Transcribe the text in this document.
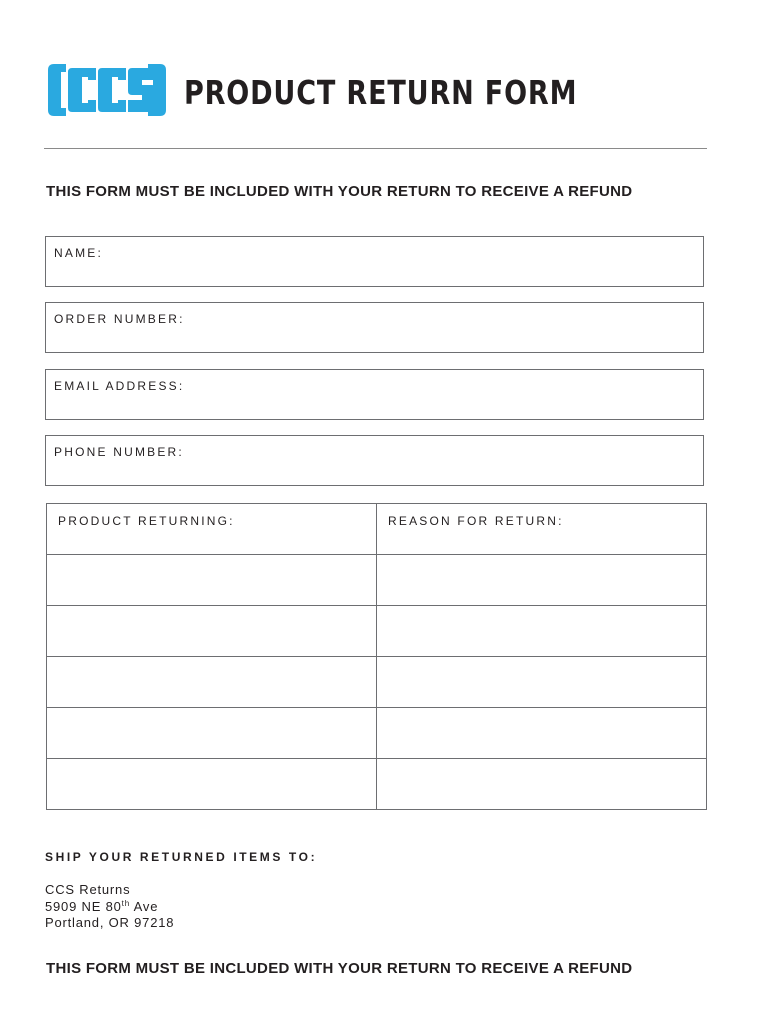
PRODUCT RETURN FORM
THIS FORM MUST BE INCLUDED WITH YOUR RETURN TO RECEIVE A REFUND
NAME:
ORDER NUMBER:
EMAIL ADDRESS:
PHONE NUMBER:
PRODUCT RETURNING:	REASON FOR RETURN:

SHIP YOUR RETURNED ITEMS TO:
CCS Returns
5909 NE 80th Ave
Portland, OR 97218
THIS FORM MUST BE INCLUDED WITH YOUR RETURN TO RECEIVE A REFUND
